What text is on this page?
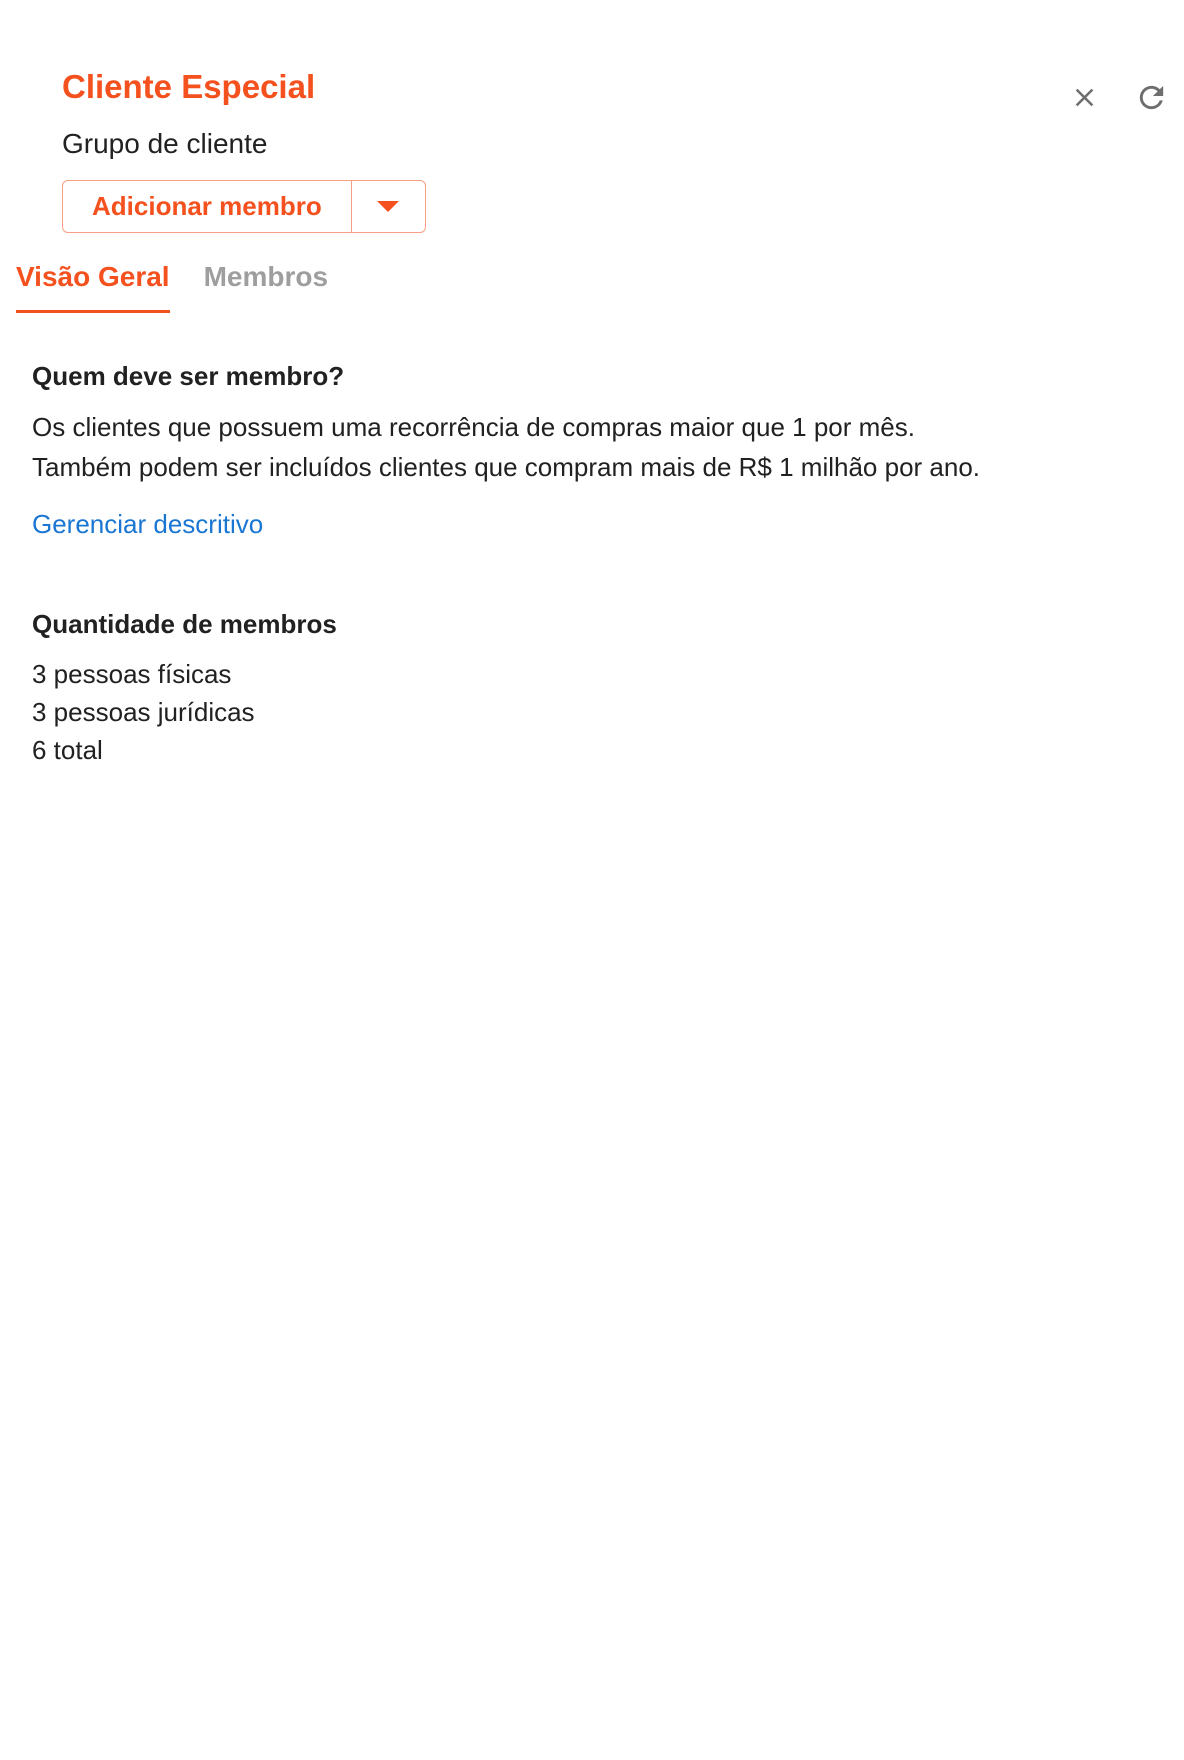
Cliente Especial
Grupo de cliente
Adicionar membro
Visão Geral Membros
Quem deve ser membro?

Os clientes que possuem uma recorrência de compras maior que 1 por mês.
Também podem ser incluídos clientes que compram mais de R$ 1 milhão por ano.

Gerenciar descritivo
Quantidade de membros
3 pessoas físicas
3 pessoas jurídicas
6 total
